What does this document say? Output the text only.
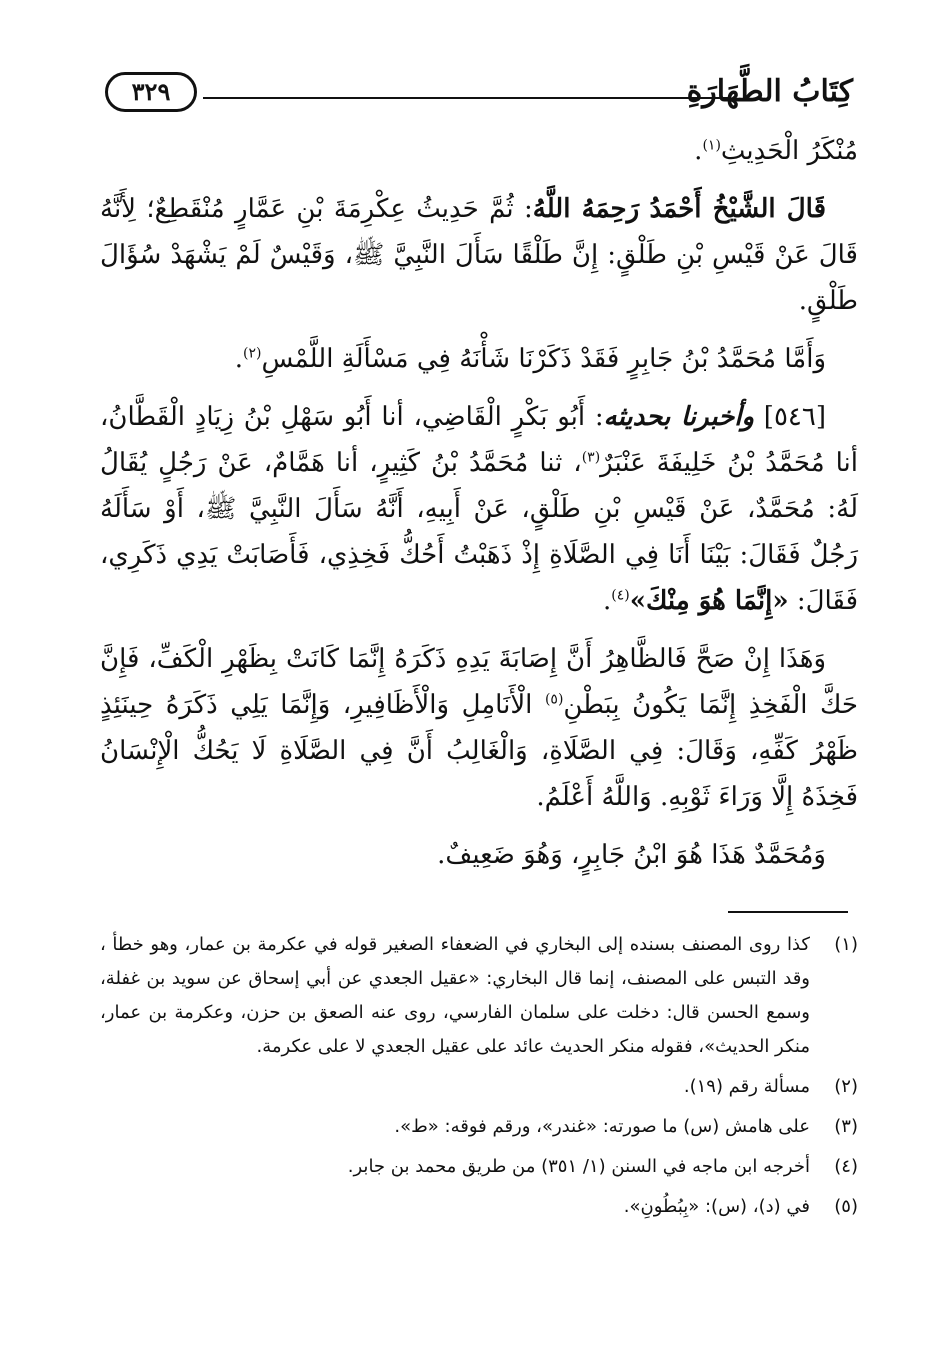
كِتَابُ الطَّهَارَةِ
٣٢٩

مُنْكَرُ الْحَدِيثِ$^{(١)}$.

قَالَ الشَّيْخُ أَحْمَدُ رَحِمَهُ اللَّهُ: ثُمَّ حَدِيثُ عِكْرِمَةَ بْنِ عَمَّارٍ مُنْقَطِعٌ؛ لِأَنَّهُ قَالَ عَنْ قَيْسِ بْنِ طَلْقٍ: إِنَّ طَلْقًا سَأَلَ النَّبِيَّ ﷺ، وَقَيْسٌ لَمْ يَشْهَدْ سُؤَالَ طَلْقٍ.

وَأَمَّا مُحَمَّدُ بْنُ جَابِرٍ فَقَدْ ذَكَرْنَا شَأْنَهُ فِي مَسْأَلَةِ اللَّمْسِ$^{(٢)}$.

[٥٤٦] وأخبرنا بحديثه: أَبُو بَكْرٍ الْقَاضِي، أنا أَبُو سَهْلِ بْنُ زِيَادٍ الْقَطَّانُ، أنا مُحَمَّدُ بْنُ خَلِيفَةَ عَنْبَرٌ$^{(٣)}$، ثنا مُحَمَّدُ بْنُ كَثِيرٍ، أنا هَمَّامٌ، عَنْ رَجُلٍ يُقَالُ لَهُ: مُحَمَّدٌ، عَنْ قَيْسِ بْنِ طَلْقٍ، عَنْ أَبِيهِ، أَنَّهُ سَأَلَ النَّبِيَّ ﷺ، أَوْ سَأَلَهُ رَجُلٌ فَقَالَ: بَيْنَا أَنَا فِي الصَّلَاةِ إِذْ ذَهَبْتُ أَحُكُّ فَخِذِي، فَأَصَابَتْ يَدِي ذَكَرِي، فَقَالَ: «إِنَّمَا هُوَ مِنْكَ»$^{(٤)}$.

وَهَذَا إِنْ صَحَّ فَالظَّاهِرُ أَنَّ إِصَابَةَ يَدِهِ ذَكَرَهُ إِنَّمَا كَانَتْ بِظَهْرِ الْكَفِّ، فَإِنَّ حَكَّ الْفَخِذِ إِنَّمَا يَكُونُ بِبَطْنِ$^{(٥)}$ الْأَنَامِلِ وَالْأَظَافِيرِ، وَإِنَّمَا يَلِي ذَكَرَهُ حِينَئِذٍ ظَهْرُ كَفِّهِ، وَقَالَ: فِي الصَّلَاةِ، وَالْغَالِبُ أَنَّ فِي الصَّلَاةِ لَا يَحُكُّ الْإِنْسَانُ فَخِذَهُ إِلَّا وَرَاءَ ثَوْبِهِ. وَاللَّهُ أَعْلَمُ.

وَمُحَمَّدٌ هَذَا هُوَ ابْنُ جَابِرٍ، وَهُوَ ضَعِيفٌ.

(١)
كذا روى المصنف بسنده إلى البخاري في الضعفاء الصغير قوله في عكرمة بن عمار، وهو خطأ ، وقد التبس على المصنف، إنما قال البخاري: «عقيل الجعدي عن أبي إسحاق عن سويد بن غفلة، وسمع الحسن قال: دخلت على سلمان الفارسي، روى عنه الصعق بن حزن، وعكرمة بن عمار، منكر الحديث»، فقوله منكر الحديث عائد على عقيل الجعدي لا على عكرمة.
(٢)
مسألة رقم (١٩).
(٣)
على هامش (س) ما صورته: «غندر»، ورقم فوقه: «ط».
(٤)
أخرجه ابن ماجه في السنن (١/ ٣٥١) من طريق محمد بن جابر.
(٥)
في (د)، (س): «بِبُطُونِ».
